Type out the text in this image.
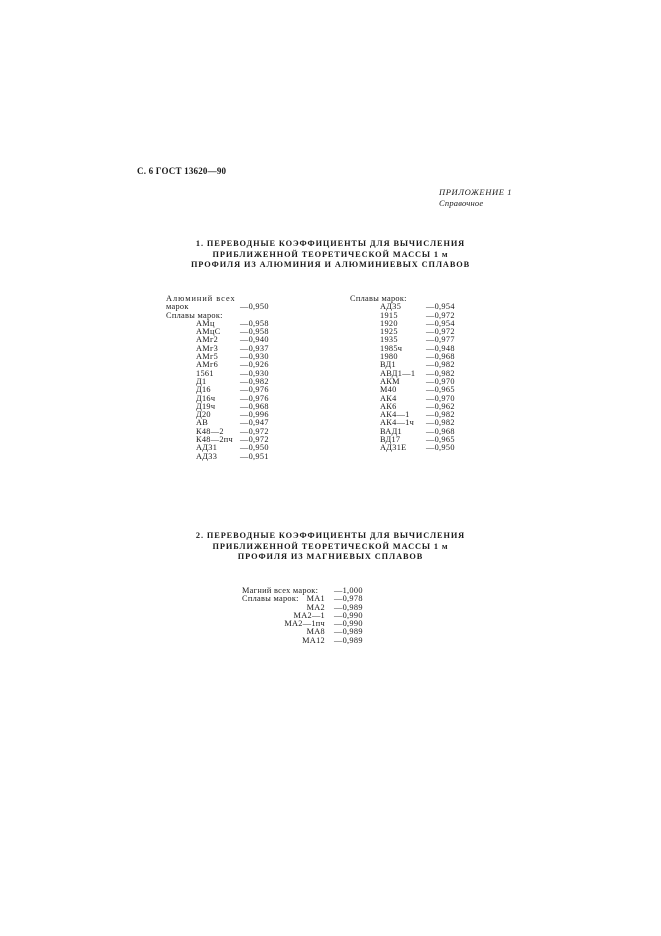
С. 6 ГОСТ 13620—90
ПРИЛОЖЕНИЕ 1
Справочное
1. ПЕРЕВОДНЫЕ КОЭФФИЦИЕНТЫ ДЛЯ ВЫЧИСЛЕНИЯ
ПРИБЛИЖЕННОЙ ТЕОРЕТИЧЕСКОЙ МАССЫ 1 м
ПРОФИЛЯ ИЗ АЛЮМИНИЯ И АЛЮМИНИЕВЫХ СПЛАВОВ
Алюминий всех
марок	—0,950
Сплавы марок:
АМц	—0,958
АМцС —0,958
АМг2	—0,940
АМг3	—0,937
АМг5	—0,930
АМг6	—0,926
1561	—0,930
Д1	—0,982
Д16	—0,976
Д16ч	—0,976
Д19ч	—0,968
Д20	—0,996
АВ	—0,947
К48—2 —0,972
К48—2пч —0,972
АД31	—0,950
АД33	—0,951
Сплавы марок:
АД35	—0,954
1915	—0,972
1920	—0,954
1925	—0,972
1935	—0,977
1985ч	—0,948
1980	—0,968
ВД1	—0,982
АВД1—1 —0,982
АКМ	—0,970
М40	—0,965
АК4	—0,970
АК6	—0,962
АК4—1 —0,982
АК4—1ч —0,982
ВАД1	—0,968
ВД17	—0,965
АД31Е —0,950
2. ПЕРЕВОДНЫЕ КОЭФФИЦИЕНТЫ ДЛЯ ВЫЧИСЛЕНИЯ
ПРИБЛИЖЕННОЙ ТЕОРЕТИЧЕСКОЙ МАССЫ 1 м
ПРОФИЛЯ ИЗ МАГНИЕВЫХ СПЛАВОВ
Магний всех марок: —1,000
Сплавы марок: МА1 —0,978
МА2 —0,989
МА2—1 —0,990
МА2—1пч —0,990
МА8 —0,989
МА12 —0,989
